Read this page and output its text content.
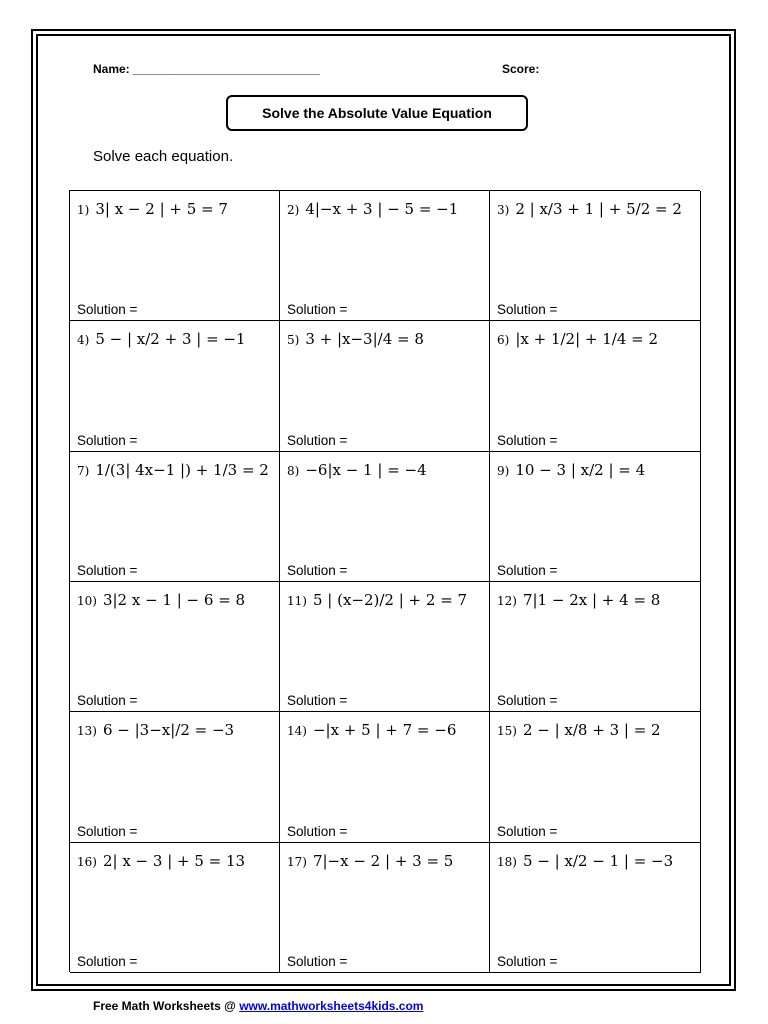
Name: ____________________________	Score:
Solve the Absolute Value Equation
Solve each equation.
1) 3| x − 2 | + 5 = 7
Solution =
2) 4|−x + 3 | − 5 = −1
Solution =
3) 2 | x/3 + 1 | + 5/2 = 2
Solution =
4) 5 − | x/2 + 3 | = −1
Solution =
5) 3 + |x−3|/4 = 8
Solution =
6) |x + 1/2| + 1/4 = 2
Solution =
7) 1/(3| 4x−1 |) + 1/3 = 2
Solution =
8) −6|x − 1 | = −4
Solution =
9) 10 − 3 | x/2 | = 4
Solution =
10) 3|2 x − 1 | − 6 = 8
Solution =
11) 5 | (x−2)/2 | + 2 = 7
Solution =
12) 7|1 − 2x | + 4 = 8
Solution =
13) 6 − |3−x|/2 = −3
Solution =
14) −|x + 5 | + 7 = −6
Solution =
15) 2 − | x/8 + 3 | = 2
Solution =
16) 2| x − 3 | + 5 = 13
Solution =
17) 7|−x − 2 | + 3 = 5
Solution =
18) 5 − | x/2 − 1 | = −3
Solution =
Free Math Worksheets @ www.mathworksheets4kids.com
